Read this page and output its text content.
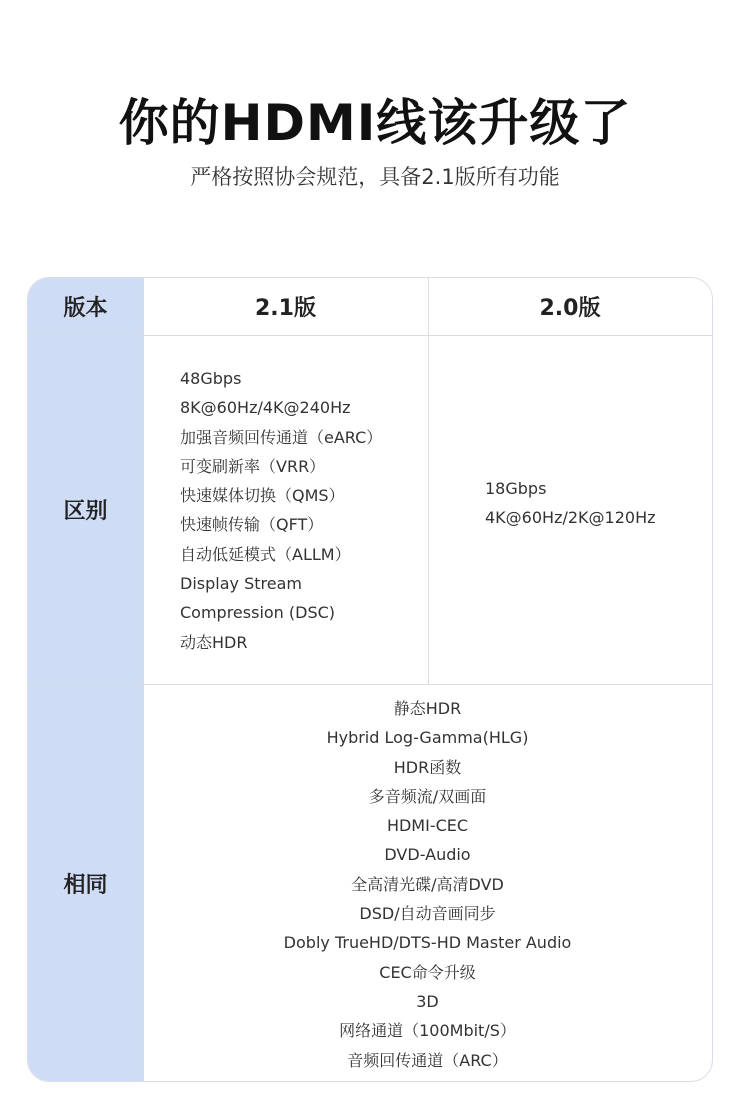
你的HDMI线该升级了
严格按照协会规范，具备2.1版所有功能
版本	2.1版	2.0版
区别
48Gbps
8K@60Hz/4K@240Hz
加强音频回传通道（eARC）
可变刷新率（VRR）
快速媒体切换（QMS）
快速帧传输（QFT）
自动低延模式（ALLM）
Display Stream
Compression (DSC)
动态HDR
18Gbps
4K@60Hz/2K@120Hz
相同
静态HDR
Hybrid Log-Gamma(HLG)
HDR函数
多音频流/双画面
HDMI-CEC
DVD-Audio
全高清光碟/高清DVD
DSD/自动音画同步
Dobly TrueHD/DTS-HD Master Audio
CEC命令升级
3D
网络通道（100Mbit/S）
音频回传通道（ARC）
